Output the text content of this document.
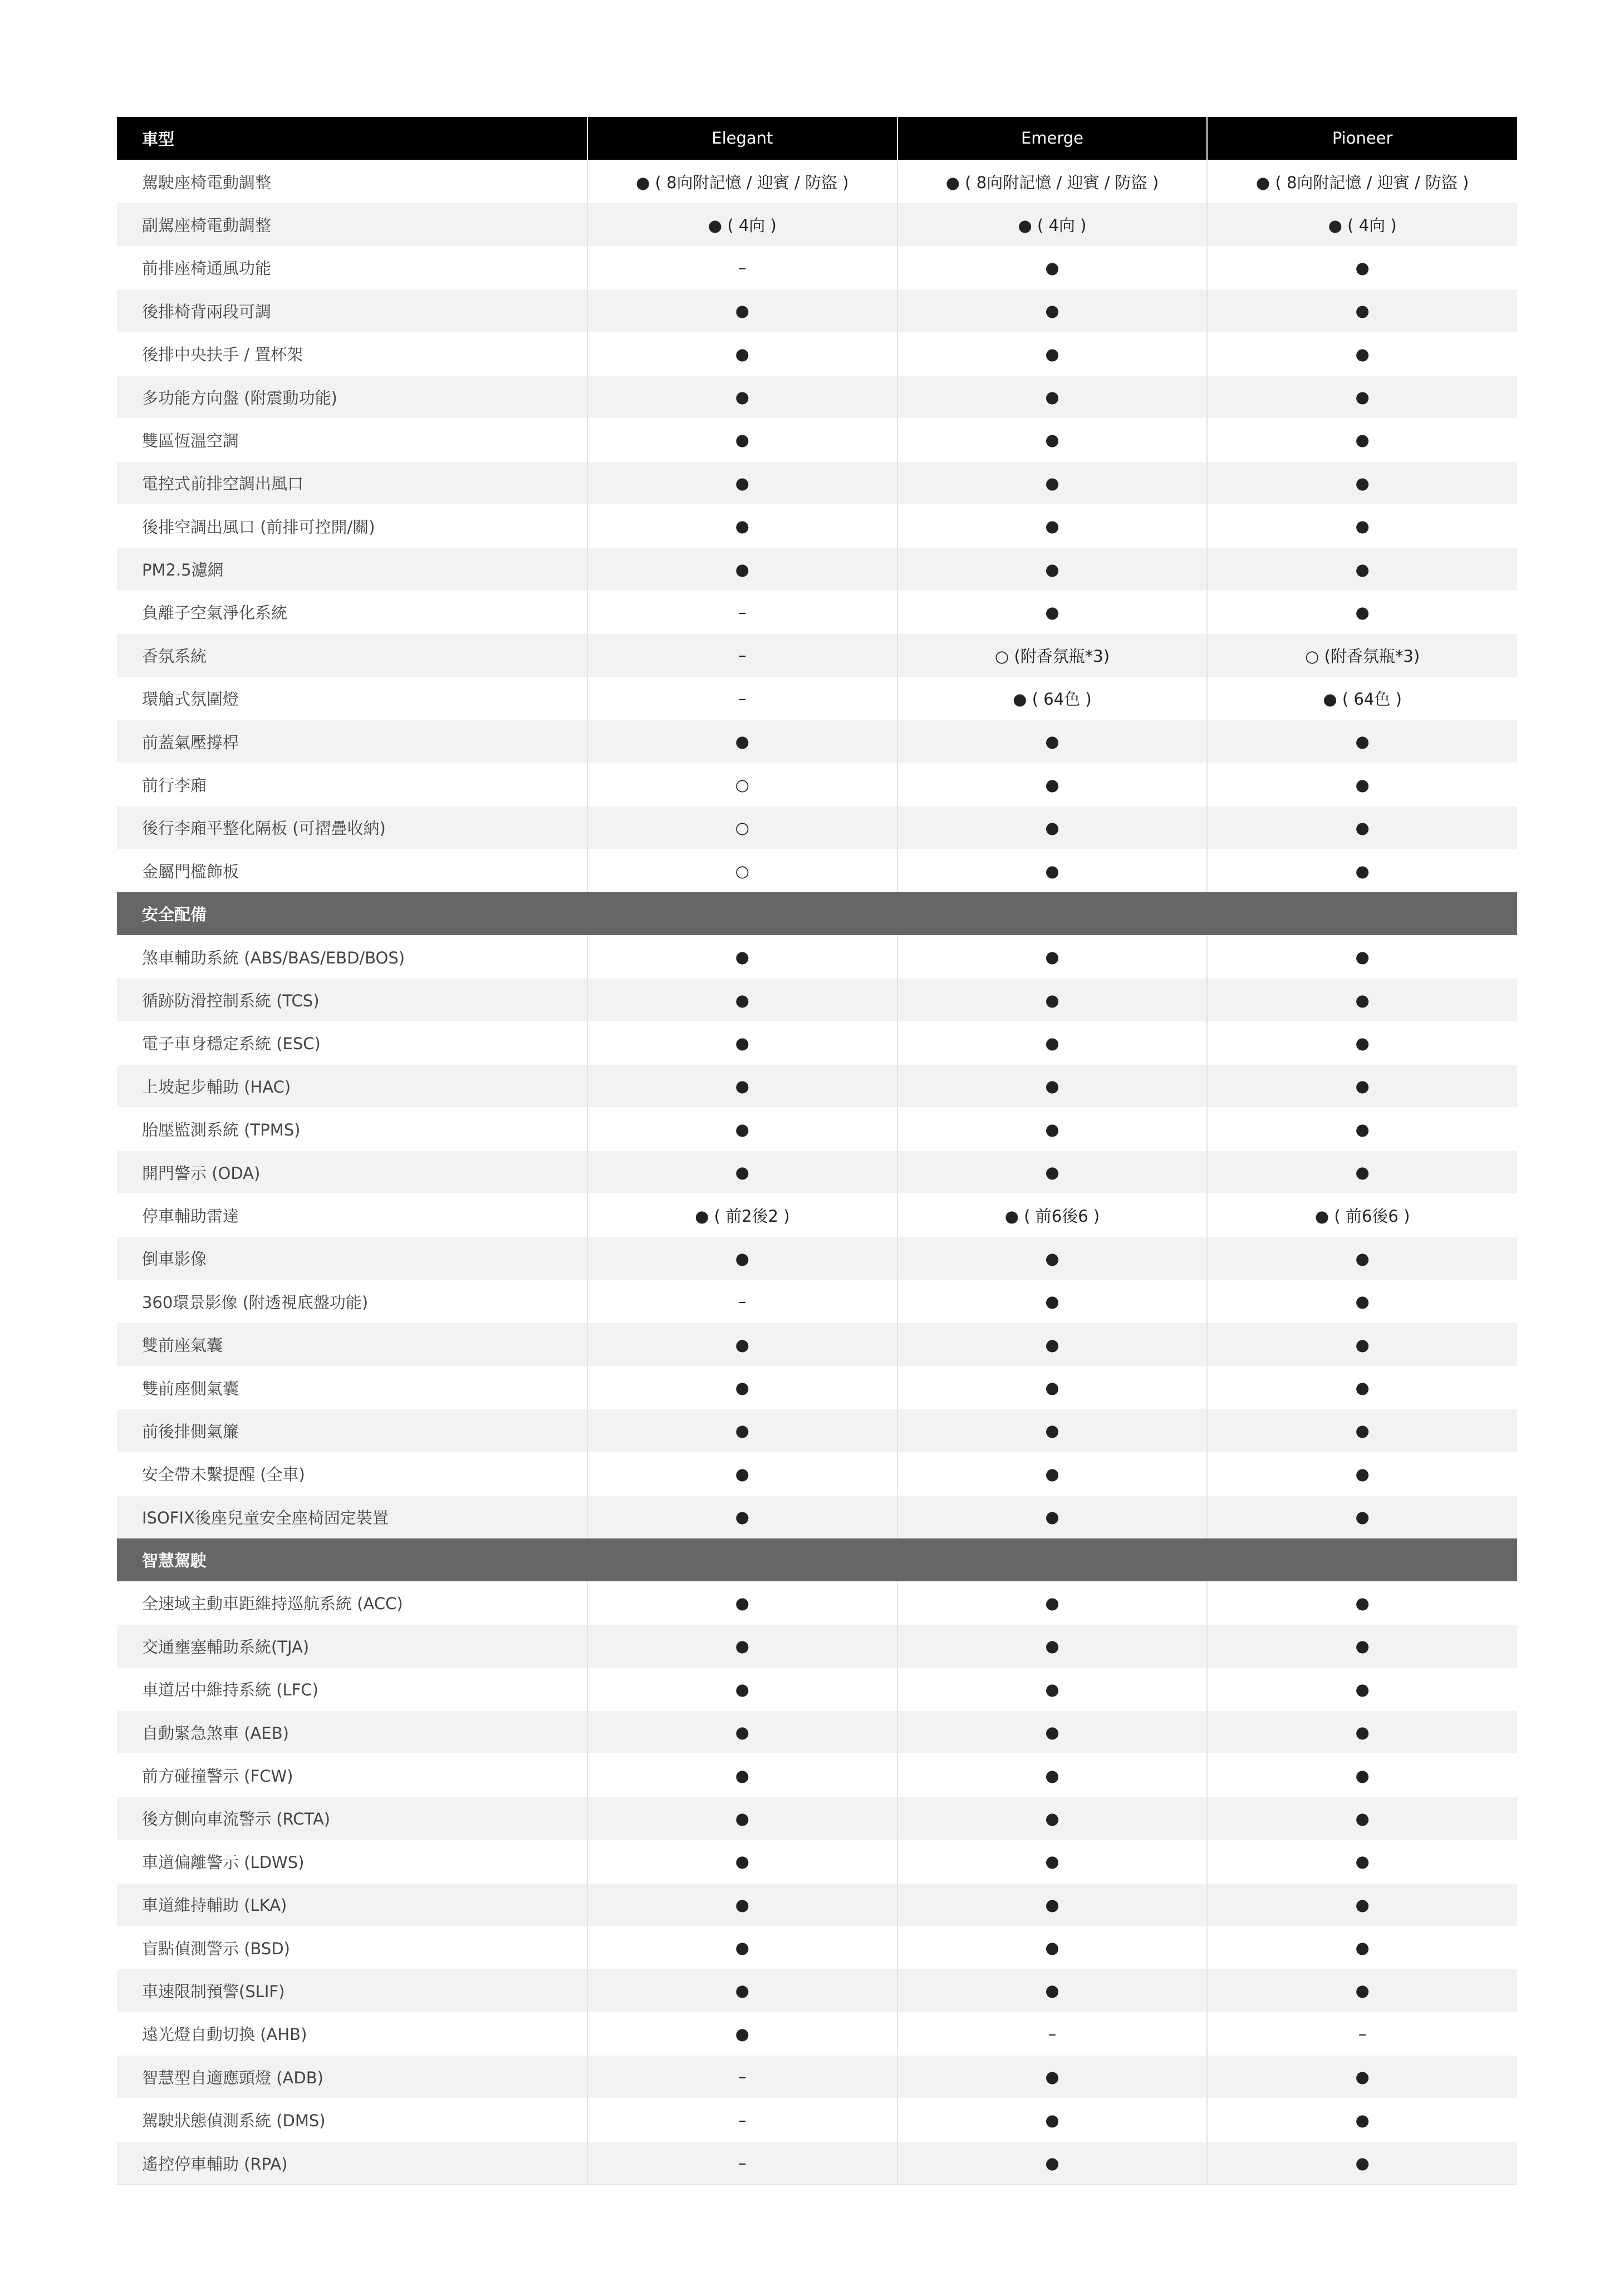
車型	Elegant	Emerge	Pioneer
駕駛座椅電動調整	● ( 8向附記憶 / 迎賓 / 防盜 )	● ( 8向附記憶 / 迎賓 / 防盜 )	● ( 8向附記憶 / 迎賓 / 防盜 )
副駕座椅電動調整	● ( 4向 )	● ( 4向 )	● ( 4向 )
前排座椅通風功能	–	●	●
後排椅背兩段可調	●	●	●
後排中央扶手 / 置杯架	●	●	●
多功能方向盤 (附震動功能)	●	●	●
雙區恆溫空調	●	●	●
電控式前排空調出風口	●	●	●
後排空調出風口 (前排可控開/關)	●	●	●
PM2.5濾網	●	●	●
負離子空氣淨化系統	–	●	●
香氛系統	–	○ (附香氛瓶*3)	○ (附香氛瓶*3)
環艙式氛圍燈	–	● ( 64色 )	● ( 64色 )
前蓋氣壓撐桿	●	●	●
前行李廂	○	●	●
後行李廂平整化隔板 (可摺疊收納)	○	●	●
金屬門檻飾板	○	●	●
安全配備			
煞車輔助系統 (ABS/BAS/EBD/BOS)	●	●	●
循跡防滑控制系統 (TCS)	●	●	●
電子車身穩定系統 (ESC)	●	●	●
上坡起步輔助 (HAC)	●	●	●
胎壓監測系統 (TPMS)	●	●	●
開門警示 (ODA)	●	●	●
停車輔助雷達	● ( 前2後2 )	● ( 前6後6 )	● ( 前6後6 )
倒車影像	●	●	●
360環景影像 (附透視底盤功能)	–	●	●
雙前座氣囊	●	●	●
雙前座側氣囊	●	●	●
前後排側氣簾	●	●	●
安全帶未繫提醒 (全車)	●	●	●
ISOFIX後座兒童安全座椅固定裝置	●	●	●
智慧駕駛			
全速域主動車距維持巡航系統 (ACC)	●	●	●
交通壅塞輔助系統(TJA)	●	●	●
車道居中維持系統 (LFC)	●	●	●
自動緊急煞車 (AEB)	●	●	●
前方碰撞警示 (FCW)	●	●	●
後方側向車流警示 (RCTA)	●	●	●
車道偏離警示 (LDWS)	●	●	●
車道維持輔助 (LKA)	●	●	●
盲點偵測警示 (BSD)	●	●	●
車速限制預警(SLIF)	●	●	●
遠光燈自動切換 (AHB)	●	–	–
智慧型自適應頭燈 (ADB)	–	●	●
駕駛狀態偵測系統 (DMS)	–	●	●
遙控停車輔助 (RPA)	–	●	●
